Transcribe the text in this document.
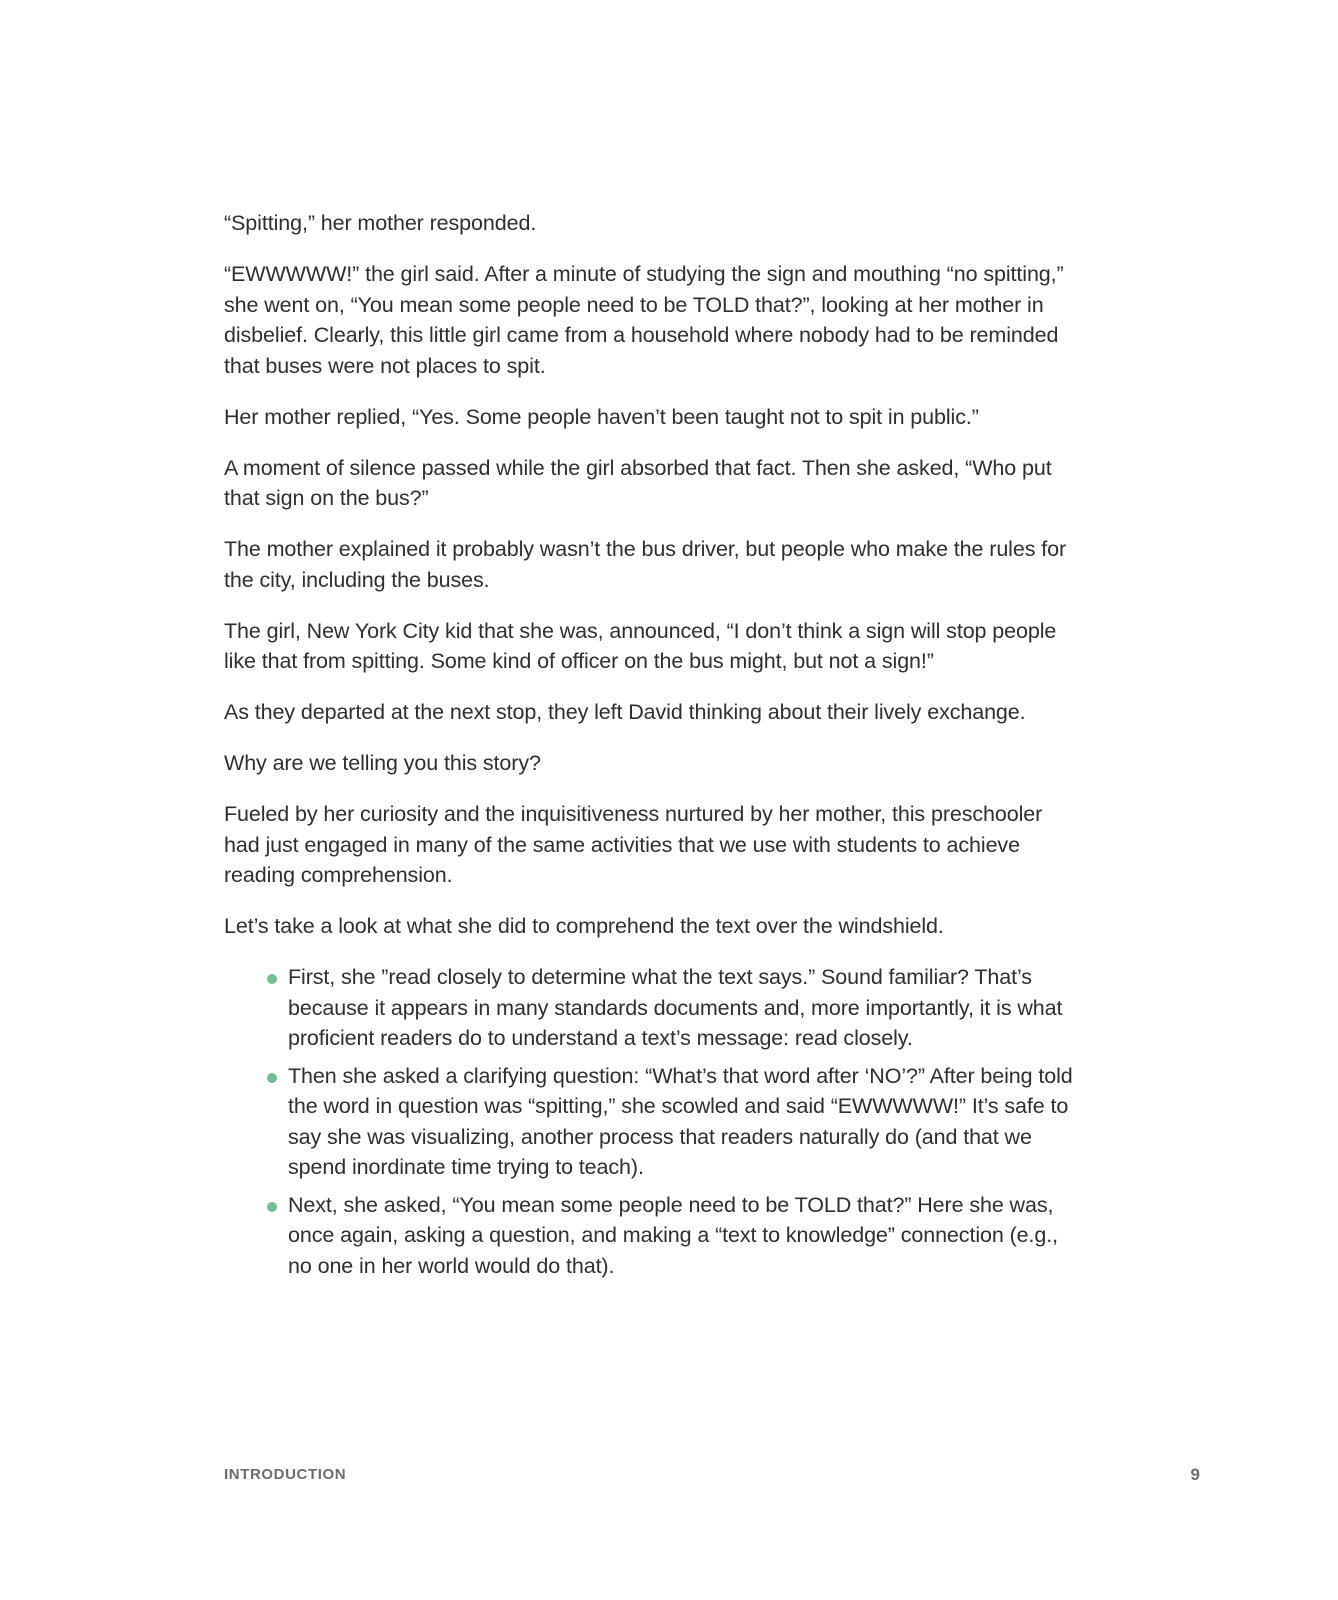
“Spitting,” her mother responded.

“EWWWWW!” the girl said. After a minute of studying the sign and mouthing “no spitting,” she went on, “You mean some people need to be TOLD that?”, looking at her mother in disbelief. Clearly, this little girl came from a household where nobody had to be reminded that buses were not places to spit.

Her mother replied, “Yes. Some people haven’t been taught not to spit in public.”

A moment of silence passed while the girl absorbed that fact. Then she asked, “Who put that sign on the bus?”

The mother explained it probably wasn’t the bus driver, but people who make the rules for the city, including the buses.

The girl, New York City kid that she was, announced, “I don’t think a sign will stop people like that from spitting. Some kind of officer on the bus might, but not a sign!”

As they departed at the next stop, they left David thinking about their lively exchange.

Why are we telling you this story?

Fueled by her curiosity and the inquisitiveness nurtured by her mother, this preschooler had just engaged in many of the same activities that we use with students to achieve reading comprehension.

Let’s take a look at what she did to comprehend the text over the windshield.

First, she ”read closely to determine what the text says.” Sound familiar? That’s because it appears in many standards documents and, more importantly, it is what proficient readers do to understand a text’s message: read closely.
Then she asked a clarifying question: “What’s that word after ‘NO’?” After being told the word in question was “spitting,” she scowled and said “EWWWWW!” It’s safe to say she was visualizing, another process that readers naturally do (and that we spend inordinate time trying to teach).
Next, she asked, “You mean some people need to be TOLD that?” Here she was, once again, asking a question, and making a “text to knowledge” connection (e.g., no one in her world would do that).
INTRODUCTION	9
